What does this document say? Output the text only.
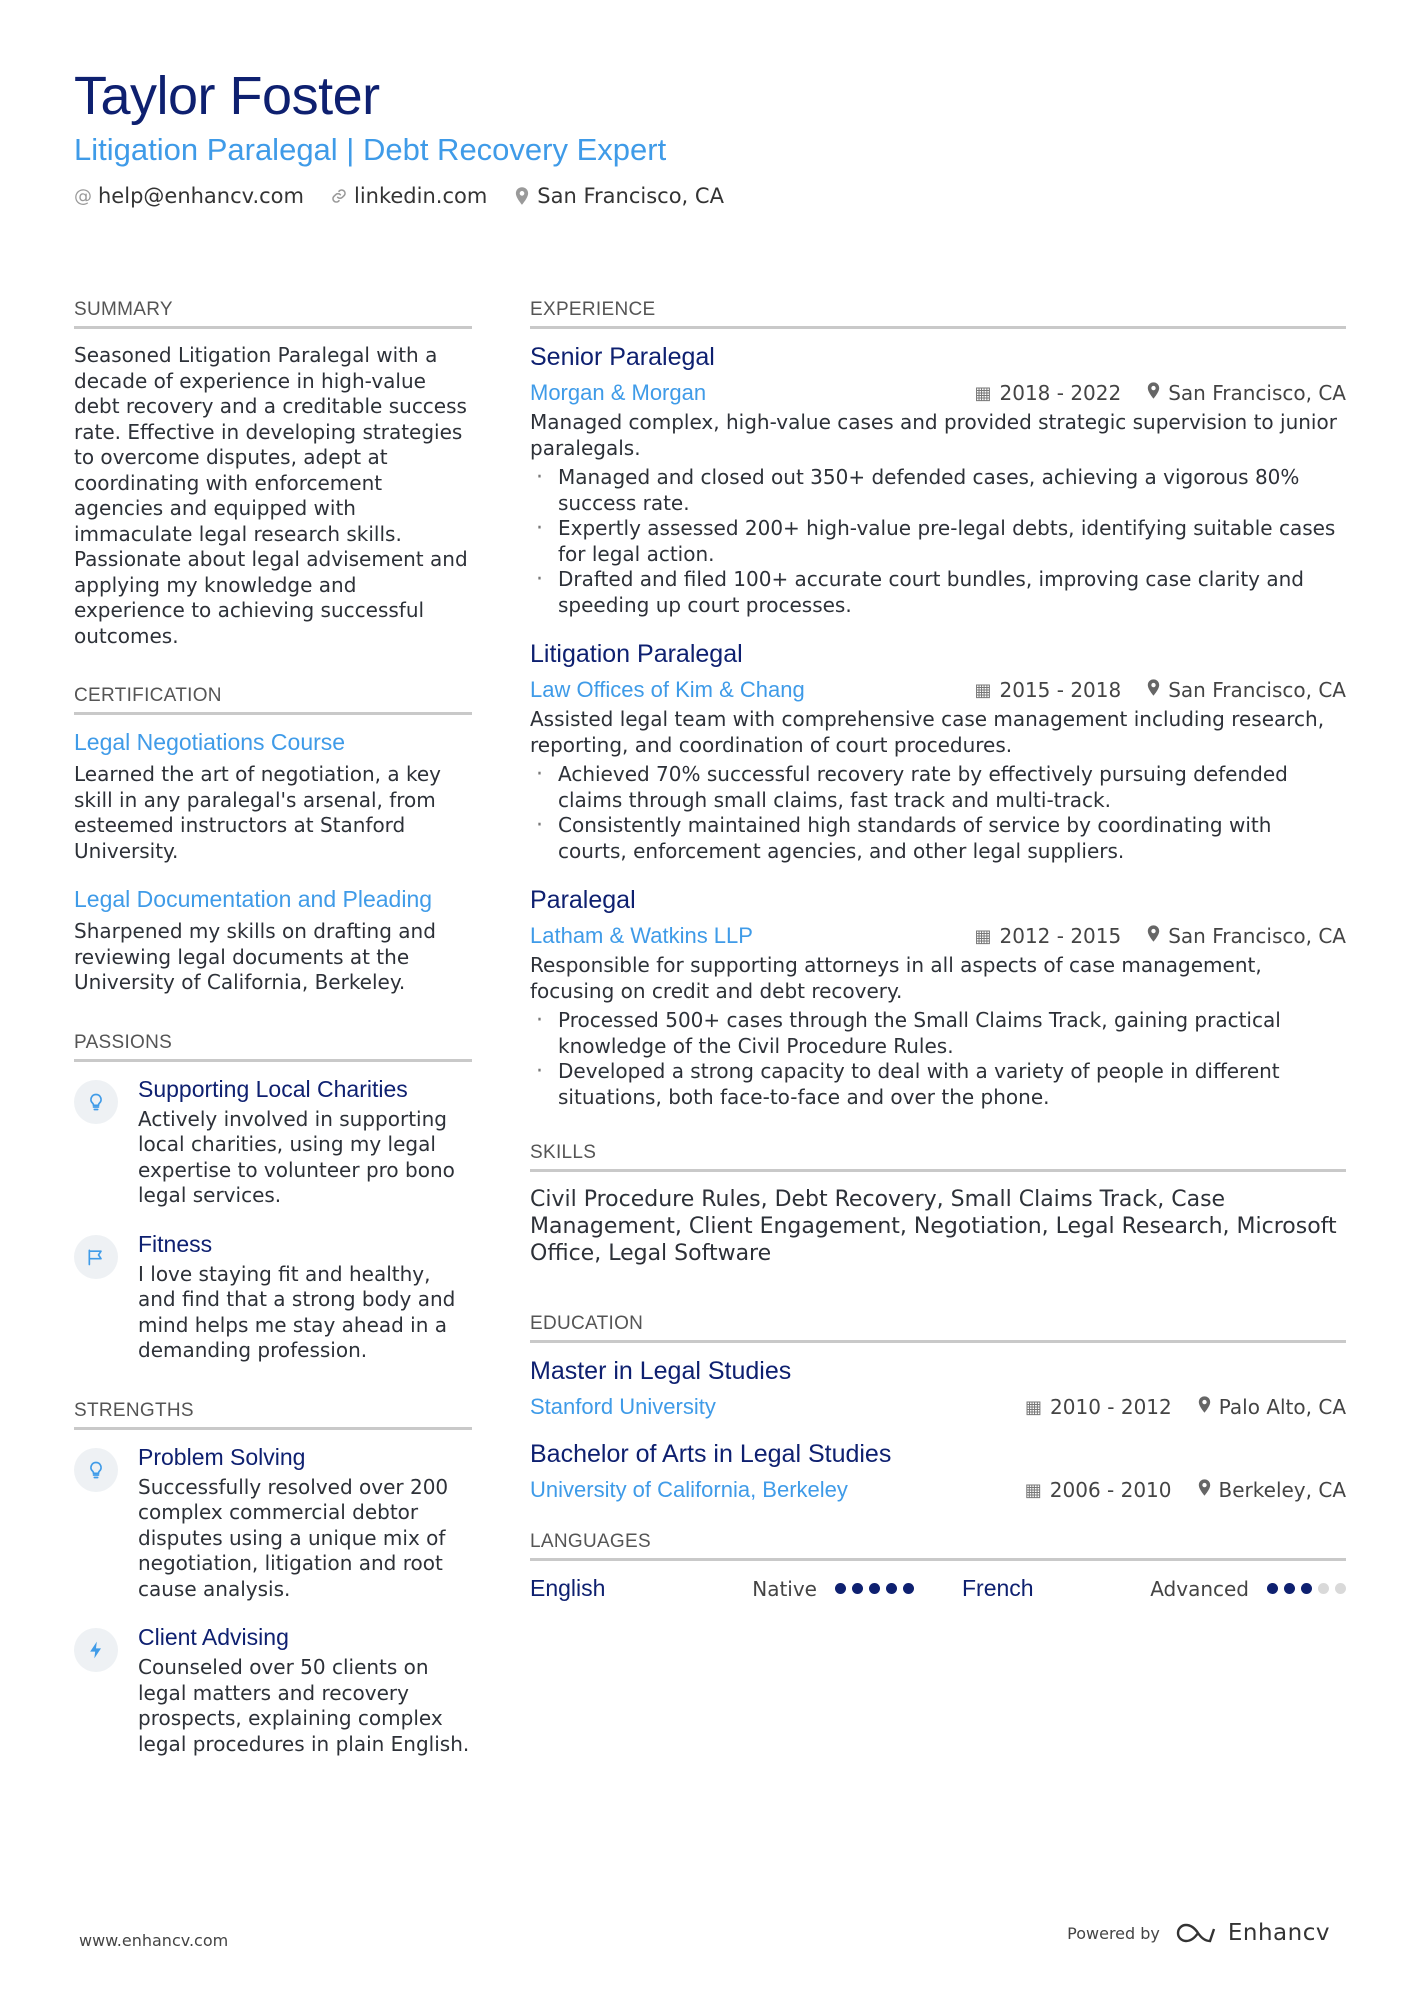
Taylor Foster
Litigation Paralegal | Debt Recovery Expert
@ help@enhancv.com linkedin.com San Francisco, CA
SUMMARY
Seasoned Litigation Paralegal with a decade of experience in high-value debt recovery and a creditable success rate. Effective in developing strategies to overcome disputes, adept at coordinating with enforcement agencies and equipped with immaculate legal research skills. Passionate about legal advisement and applying my knowledge and experience to achieving successful outcomes.
CERTIFICATION
Legal Negotiations Course
Learned the art of negotiation, a key skill in any paralegal's arsenal, from esteemed instructors at Stanford University.
Legal Documentation and Pleading
Sharpened my skills on drafting and reviewing legal documents at the University of California, Berkeley.
PASSIONS
Supporting Local Charities
Actively involved in supporting local charities, using my legal expertise to volunteer pro bono legal services.
Fitness
I love staying fit and healthy, and find that a strong body and mind helps me stay ahead in a demanding profession.
STRENGTHS
Problem Solving
Successfully resolved over 200 complex commercial debtor disputes using a unique mix of negotiation, litigation and root cause analysis.
Client Advising
Counseled over 50 clients on legal matters and recovery prospects, explaining complex legal procedures in plain English.
EXPERIENCE
Senior Paralegal
Morgan & Morgan	▦ 2018 - 2022 San Francisco, CA
Managed complex, high-value cases and provided strategic supervision to junior paralegals.
· Managed and closed out 350+ defended cases, achieving a vigorous 80% success rate.
· Expertly assessed 200+ high-value pre-legal debts, identifying suitable cases for legal action.
· Drafted and filed 100+ accurate court bundles, improving case clarity and speeding up court processes.
Litigation Paralegal
Law Offices of Kim & Chang	▦ 2015 - 2018 San Francisco, CA
Assisted legal team with comprehensive case management including research, reporting, and coordination of court procedures.
· Achieved 70% successful recovery rate by effectively pursuing defended claims through small claims, fast track and multi-track.
· Consistently maintained high standards of service by coordinating with courts, enforcement agencies, and other legal suppliers.
Paralegal
Latham & Watkins LLP	▦ 2012 - 2015 San Francisco, CA
Responsible for supporting attorneys in all aspects of case management, focusing on credit and debt recovery.
· Processed 500+ cases through the Small Claims Track, gaining practical knowledge of the Civil Procedure Rules.
· Developed a strong capacity to deal with a variety of people in different situations, both face-to-face and over the phone.
SKILLS
Civil Procedure Rules, Debt Recovery, Small Claims Track, Case Management, Client Engagement, Negotiation, Legal Research, Microsoft Office, Legal Software
EDUCATION
Master in Legal Studies
Stanford University	▦ 2010 - 2012 Palo Alto, CA
Bachelor of Arts in Legal Studies
University of California, Berkeley	▦ 2006 - 2010 Berkeley, CA
LANGUAGES
English	Native	French	Advanced
www.enhancv.com	Powered by	Enhancv
